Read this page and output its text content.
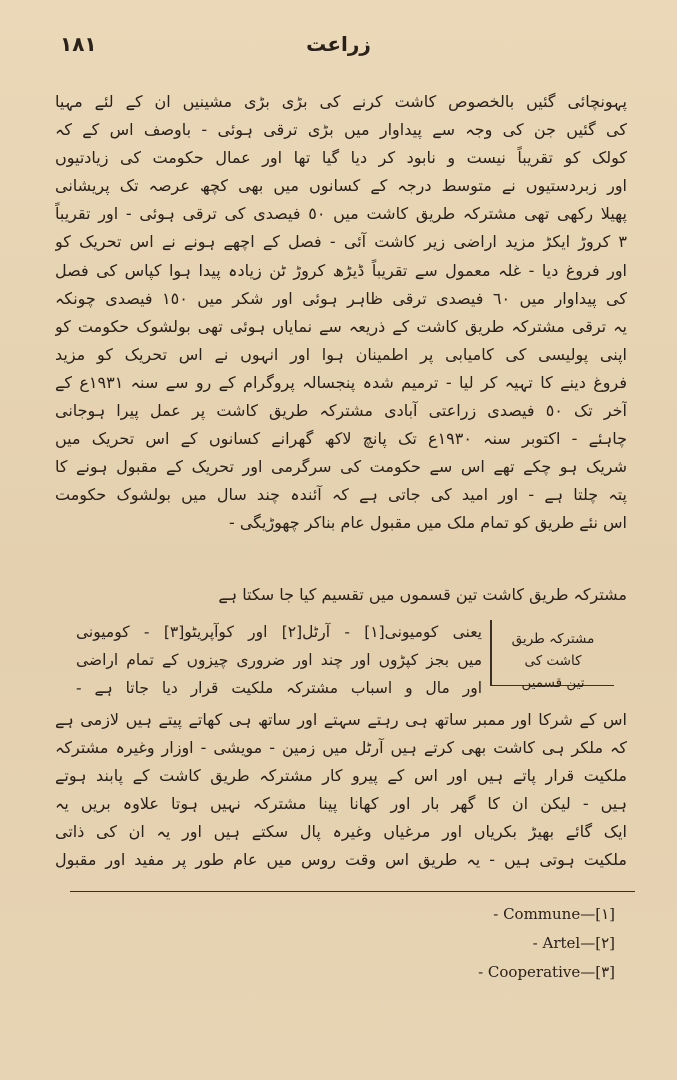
١٨١	زراعت
پہونچائی گئیں بالخصوص کاشت کرنے کی بڑی بڑی مشینیں ان کے لئے مہیا
کی گئیں جن کی وجہ سے پیداوار میں بڑی ترقی ہوئی - باوصف اس کے کہ
کولک کو تقریباً نیست و نابود کر دیا گیا تھا اور عمال حکومت کی زیادتیوں
اور زبردستیوں نے متوسط درجہ کے کسانوں میں بھی کچھ عرصہ تک پریشانی
پھیلا رکھی تھی مشترکہ طریق کاشت میں ٥٠ فیصدی کی ترقی ہوئی - اور تقریباً
٣ کروڑ ایکڑ مزید اراضی زیر کاشت آئی - فصل کے اچھے ہونے نے اس تحریک کو
اور فروغ دیا - غلہ معمول سے تقریباً ڈیڑھ کروڑ ٹن زیادہ پیدا ہوا کپاس کی فصل
کی پیداوار میں ٦٠ فیصدی ترقی ظاہر ہوئی اور شکر میں ١٥٠ فیصدی چونکہ
یہ ترقی مشترکہ طریق کاشت کے ذریعہ سے نمایاں ہوئی تھی بولشوک حکومت کو
اپنی پولیسی کی کامیابی پر اطمینان ہوا اور انہوں نے اس تحریک کو مزید
فروغ دینے کا تہیہ کر لیا - ترمیم شدہ پنجسالہ پروگرام کے رو سے سنہ ١٩٣١ع کے
آخر تک ٥٠ فیصدی زراعتی آبادی مشترکہ طریق کاشت پر عمل پیرا ہوجانی
چاہئے - اکتوبر سنہ ١٩٣٠ع تک پانچ لاکھ گھرانے کسانوں کے اس تحریک میں
شریک ہو چکے تھے اس سے حکومت کی سرگرمی اور تحریک کے مقبول ہونے کا
پتہ چلتا ہے - اور امید کی جاتی ہے کہ آئندہ چند سال میں بولشوک حکومت
اس نئے طریق کو تمام ملک میں مقبول عام بناکر چھوڑیگی -
مشترکہ طریق کاشت تین قسموں میں تقسیم کیا جا سکتا ہے
مشترکہ طریق کاشت کی
تین قسمیں
یعنی کومیونی[١] - آرٹل[٢] اور کوآپریٹو[٣] - کومیونی
میں بجز کپڑوں اور چند اور ضروری چیزوں کے تمام اراضی
اور مال و اسباب مشترکہ ملکیت قرار دیا جاتا ہے -
اس کے شرکا اور ممبر ساتھ ہی رہتے سہتے اور ساتھ ہی کھاتے پیتے ہیں لازمی ہے
کہ ملکر ہی کاشت بھی کرتے ہیں آرٹل میں زمین - مویشی - اوزار وغیرہ مشترکہ
ملکیت قرار پاتے ہیں اور اس کے پیرو کار مشترکہ طریق کاشت کے پابند ہوتے
ہیں - لیکن ان کا گھر بار اور کھانا پینا مشترکہ نہیں ہوتا علاوہ بریں یہ
ایک گائے بھیڑ بکریاں اور مرغیاں وغیرہ پال سکتے ہیں اور یہ ان کی ذاتی
ملکیت ہوتی ہیں - یہ طریق اس وقت روس میں عام طور پر مفید اور مقبول
- Commune—[١]
- Artel—[٢]
- Cooperative—[٣]
